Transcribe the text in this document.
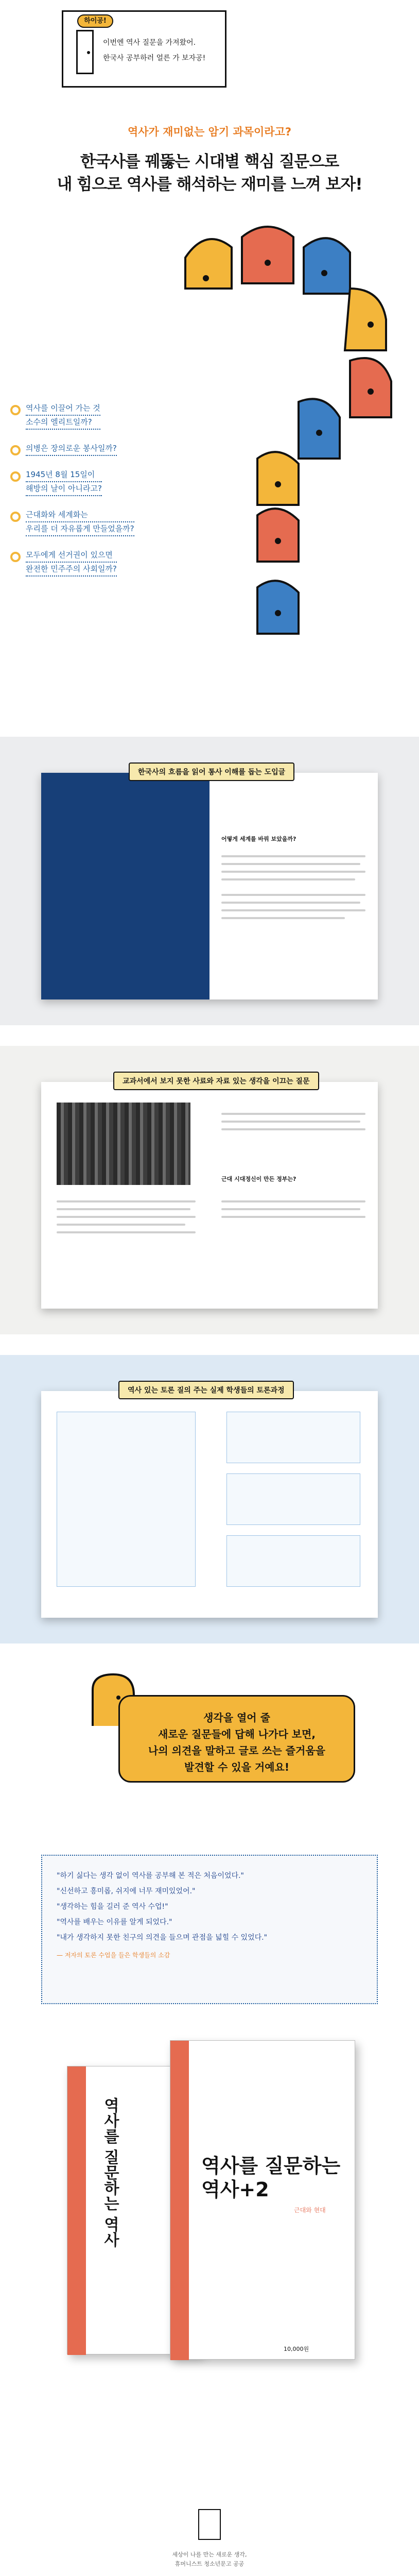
하이공!
이번엔 역사 질문을 가져왔어.
한국사 공부하러 얼른 가 보자공!
역사가 재미없는 암기 과목이라고?
한국사를 꿰뚫는 시대별 핵심 질문으로
내 힘으로 역사를 해석하는 재미를 느껴 보자!
역사를 이끌어 가는 것
소수의 엘리트일까?
의병은 장의로운 봉사일까?
1945년 8월 15일이
해방의 날이 아니라고?
근대화와 세계화는
우리를 더 자유롭게 만들었을까?
모두에게 선거권이 있으면
완전한 민주주의 사회일까?
어떻게 세계를 바꿔 보았을까?
한국사의 흐름을 읽어 통사 이해를 돕는 도입글
근대 시대정신이 만든 정부는?
교과서에서 보지 못한 사료와 자료 있는 생각을 이끄는 질문
역사 있는 토론 질의 주는 실제 학생들의 토론과정
생각을 열어 줄
새로운 질문들에 답해 나가다 보면,
나의 의견을 말하고 글로 쓰는 즐거움을
발견할 수 있을 거예요!
"하기 싫다는 생각 없이 역사를 공부해 본 적은 처음이었다."
"신선하고 흥미롭, 쉬지에 너무 재미있었어."
"생각하는 힘을 길러 준 역사 수업!"
"역사를 배우는 이유를 알게 되었다."
"내가 생각하지 못한 친구의 의견을 들으며 관점을 넓힐 수 있었다."
— 저자의 토론 수업을 들은 학생들의 소감
역사를 질문하는 역사	역사를 질문하는 역사+2
근대와 현대
10,000원
세상이 나를 만는 새로운 생각,
휴머니스트 청소년문고 공공
